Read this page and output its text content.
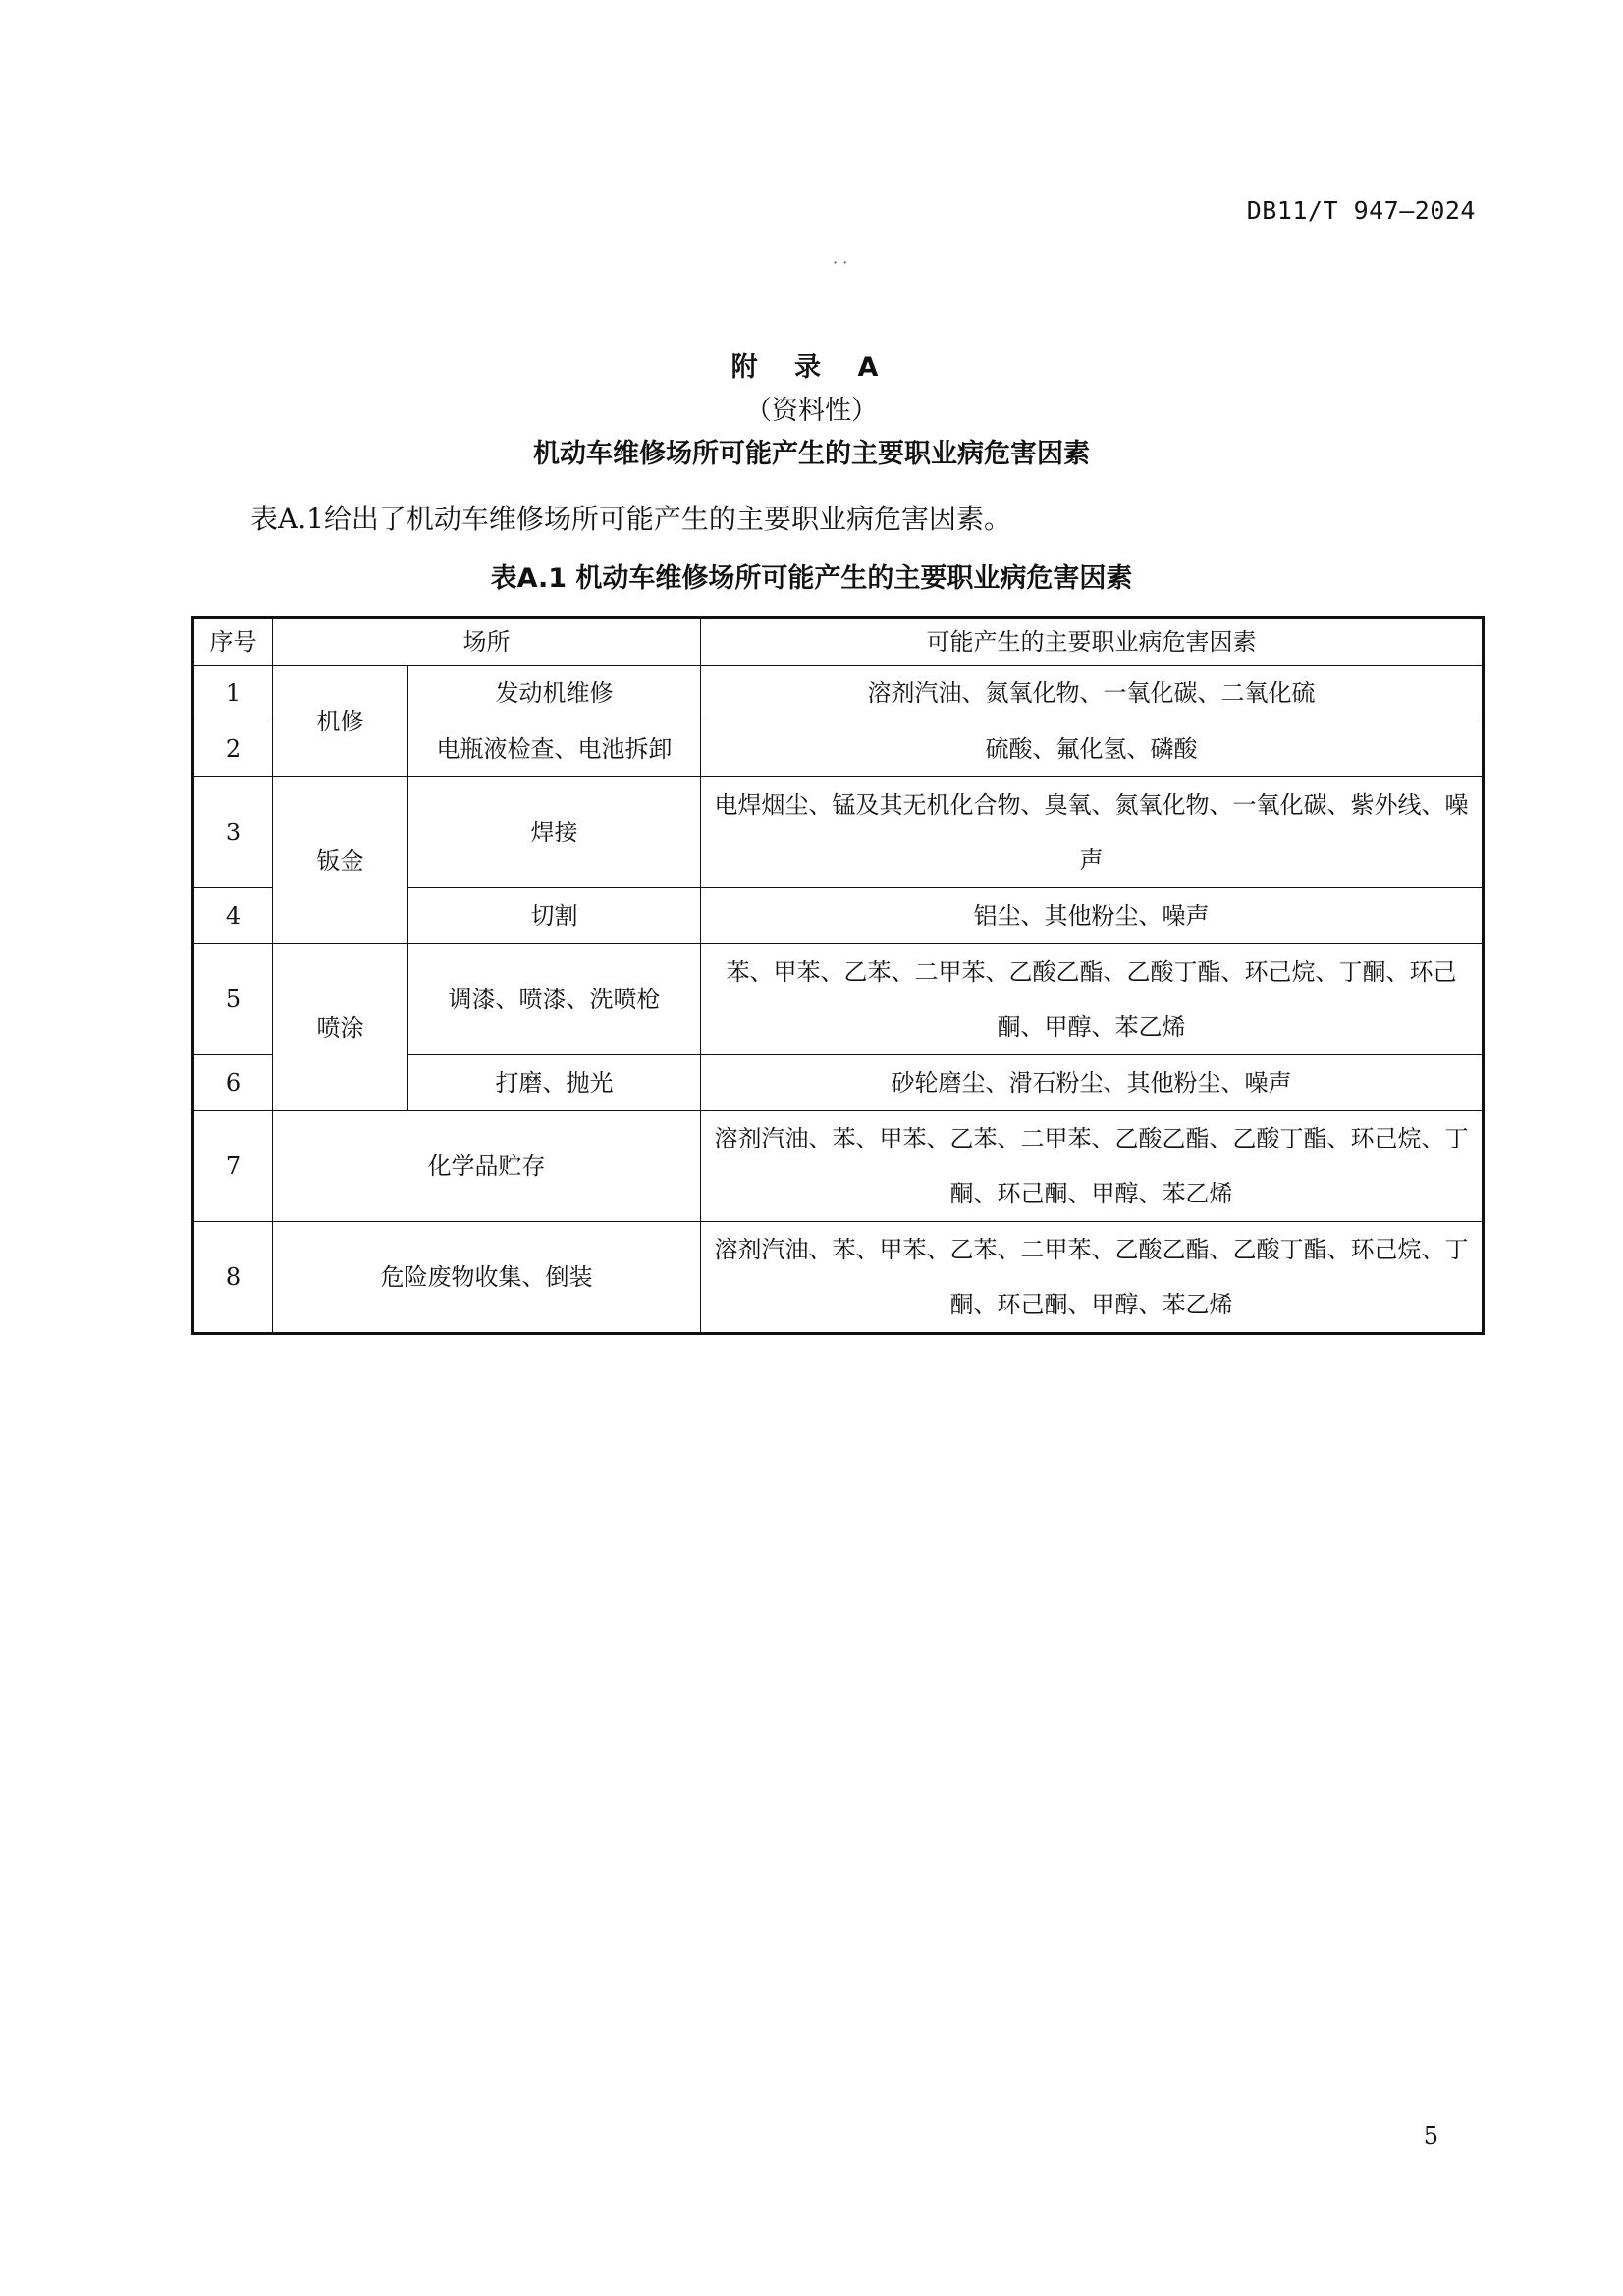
DB11/T 947—2024
· ·
附 录 A
（资料性）
机动车维修场所可能产生的主要职业病危害因素
表A.1给出了机动车维修场所可能产生的主要职业病危害因素。
表A.1 机动车维修场所可能产生的主要职业病危害因素
序号	场所		可能产生的主要职业病危害因素
1	机修	发动机维修	溶剂汽油、氮氧化物、一氧化碳、二氧化硫
2		电瓶液检查、电池拆卸	硫酸、氟化氢、磷酸
3	钣金	焊接	电焊烟尘、锰及其无机化合物、臭氧、氮氧化物、一氧化碳、紫外线、噪声
4		切割	铝尘、其他粉尘、噪声
5	喷涂	调漆、喷漆、洗喷枪	苯、甲苯、乙苯、二甲苯、乙酸乙酯、乙酸丁酯、环己烷、丁酮、环己酮、甲醇、苯乙烯
6		打磨、抛光	砂轮磨尘、滑石粉尘、其他粉尘、噪声
7	化学品贮存		溶剂汽油、苯、甲苯、乙苯、二甲苯、乙酸乙酯、乙酸丁酯、环己烷、丁酮、环己酮、甲醇、苯乙烯
8	危险废物收集、倒装		溶剂汽油、苯、甲苯、乙苯、二甲苯、乙酸乙酯、乙酸丁酯、环己烷、丁酮、环己酮、甲醇、苯乙烯
5
